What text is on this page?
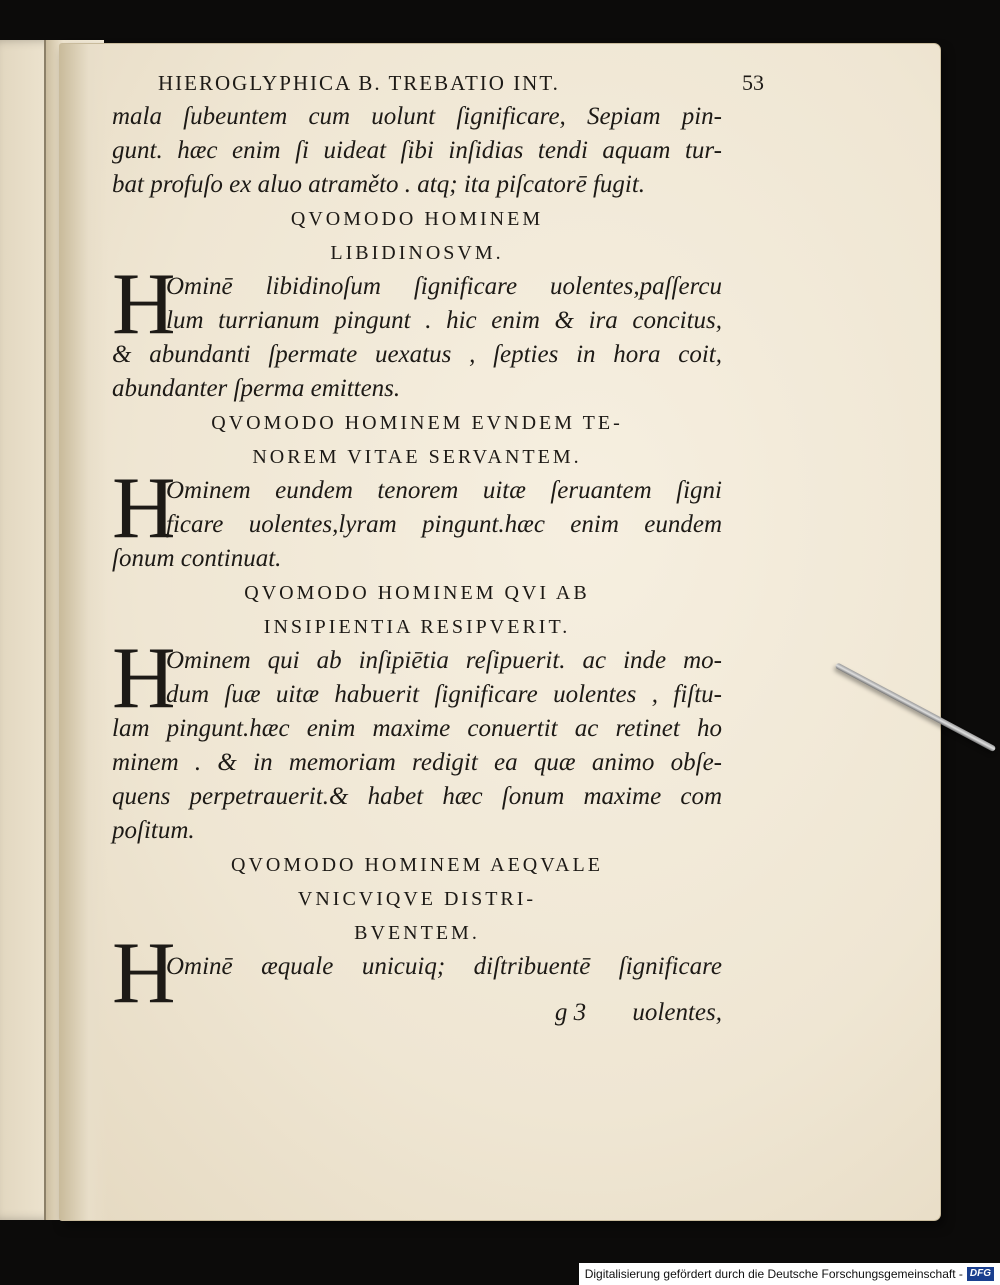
HIEROGLYPHICA B. TREBATIO INT.	53

mala ſubeuntem cum uolunt ſignificare, Sepiam pin-

gunt. hæc enim ſi uideat ſibi inſidias tendi aquam tur-

bat profuſo ex aluo atraměto . atq; ita piſcatorē fugit.

QVOMODO HOMINEM

LIBIDINOSVM.

H

Ominē libidinoſum ſignificare uolentes,paſſercu

lum turrianum pingunt . hic enim & ira concitus,

& abundanti ſpermate uexatus , ſepties in hora coit,

abundanter ſperma emittens.

QVOMODO HOMINEM EVNDEM TE-

NOREM VITAE SERVANTEM.

H

Ominem eundem tenorem uitæ ſeruantem ſigni

ficare uolentes,lyram pingunt.hæc enim eundem

ſonum continuat.

QVOMODO HOMINEM QVI AB

INSIPIENTIA RESIPVERIT.

H

Ominem qui ab inſipiētia reſipuerit. ac inde mo-

dum ſuæ uitæ habuerit ſignificare uolentes , fiſtu-

lam pingunt.hæc enim maxime conuertit ac retinet ho

minem . & in memoriam redigit ea quæ animo obſe-

quens perpetrauerit.& habet hæc ſonum maxime com

poſitum.

QVOMODO HOMINEM AEQVALE

VNICVIQVE DISTRI-

BVENTEM.

H

Ominē æquale unicuiq; diſtribuentē ſignificare

g 3 uolentes,
Digitalisierung gefördert durch die Deutsche Forschungsgemeinschaft - DFG
